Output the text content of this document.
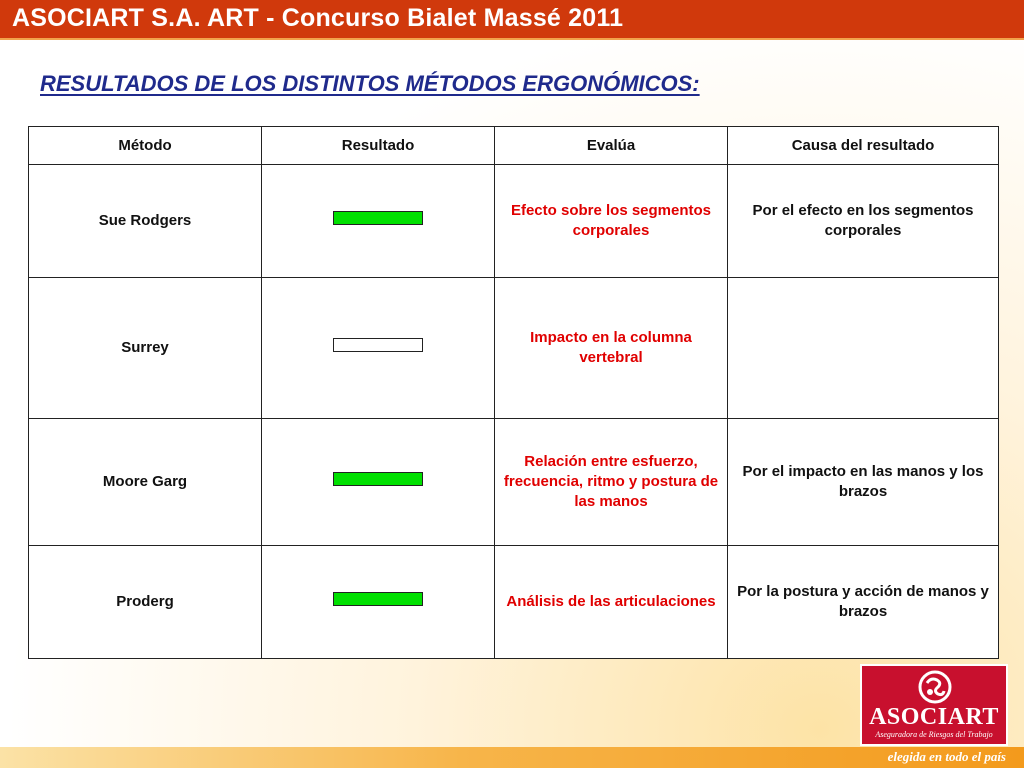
ASOCIART S.A. ART - Concurso Bialet Massé 2011
RESULTADOS DE LOS DISTINTOS MÉTODOS ERGONÓMICOS:
Método	Resultado	Evalúa	Causa del resultado
Sue Rodgers		Efecto sobre los segmentos corporales	Por el efecto en los segmentos corporales
Surrey		Impacto en la columna vertebral	
Moore Garg		Relación entre esfuerzo, frecuencia, ritmo y postura de las manos	Por el impacto en las manos y los brazos
Proderg		Análisis de las articulaciones	Por la postura y acción de manos y brazos
ASOCIART
Aseguradora de Riesgos del Trabajo
elegida en todo el país
